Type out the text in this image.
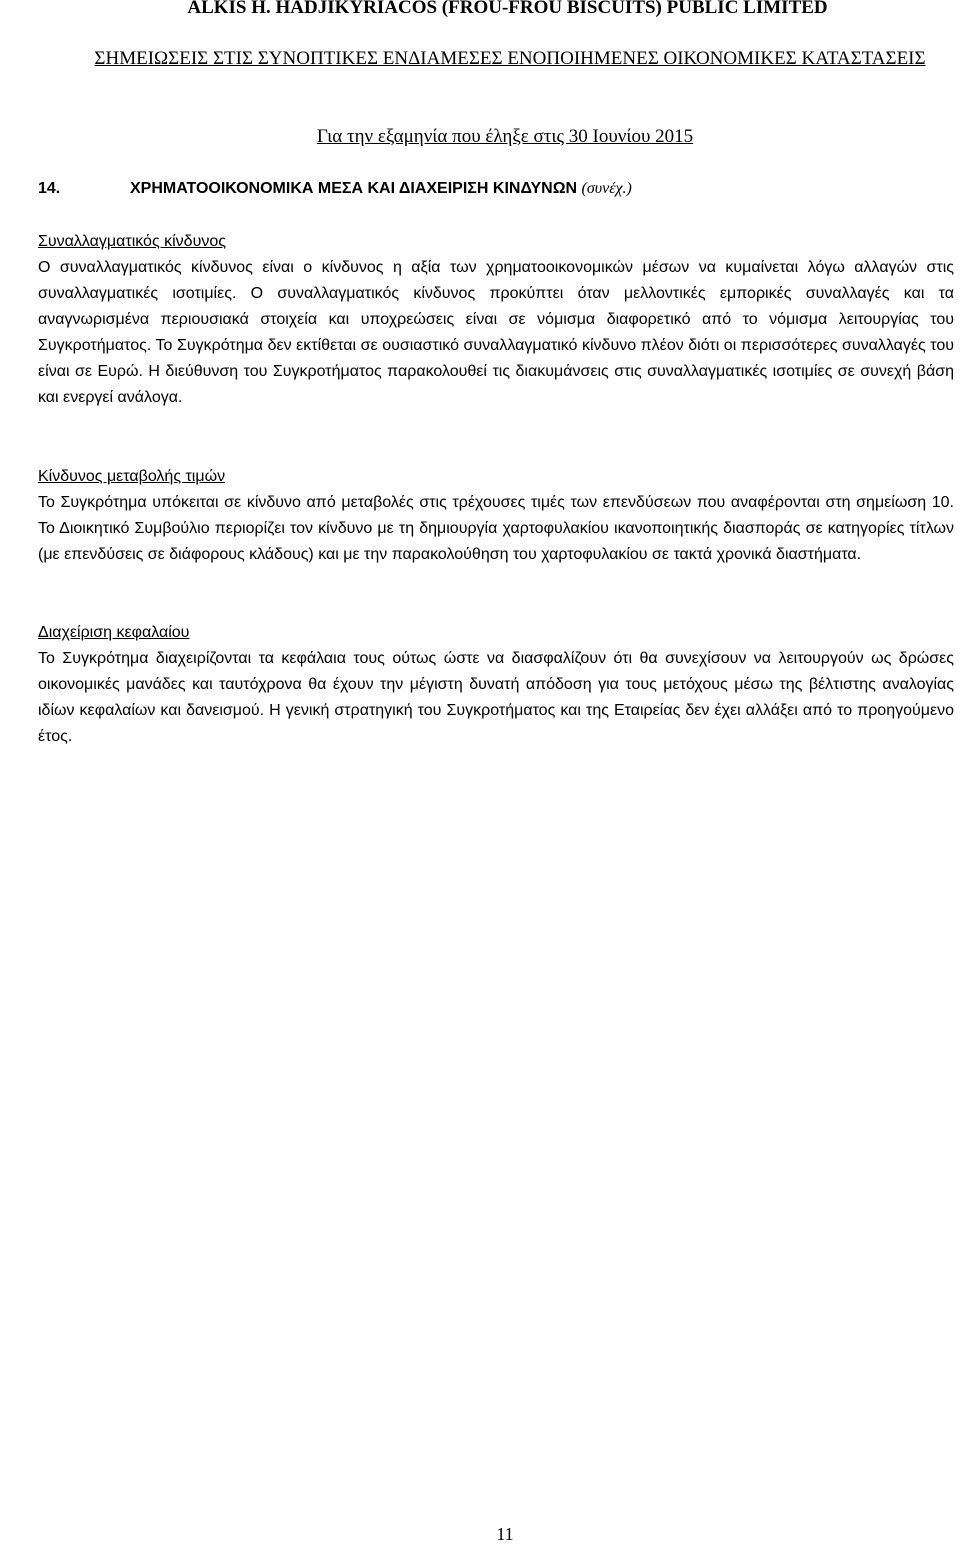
ALKIS H. HADJIKYRIACOS (FROU-FROU BISCUITS) PUBLIC LIMITED
ΣΗΜΕΙΩΣΕΙΣ ΣΤΙΣ ΣΥΝΟΠΤΙΚΕΣ ΕΝΔΙΑΜΕΣΕΣ ΕΝΟΠΟΙΗΜΕΝΕΣ ΟΙΚΟΝΟΜΙΚΕΣ ΚΑΤΑΣΤΑΣΕΙΣ
Για την εξαμηνία που έληξε στις 30 Ιουνίου 2015
14.	ΧΡΗΜΑΤΟΟΙΚΟΝΟΜΙΚΑ ΜΕΣΑ ΚΑΙ ΔΙΑΧΕΙΡΙΣΗ ΚΙΝΔΥΝΩΝ (συνέχ.)
Συναλλαγματικός κίνδυνος

Ο συναλλαγματικός κίνδυνος είναι ο κίνδυνος η αξία των χρηματοοικονομικών μέσων να κυμαίνεται λόγω αλλαγών στις συναλλαγματικές ισοτιμίες. Ο συναλλαγματικός κίνδυνος προκύπτει όταν μελλοντικές εμπορικές συναλλαγές και τα αναγνωρισμένα περιουσιακά στοιχεία και υποχρεώσεις είναι σε νόμισμα διαφορετικό από το νόμισμα λειτουργίας του Συγκροτήματος. Το Συγκρότημα δεν εκτίθεται σε ουσιαστικό συναλλαγματικό κίνδυνο πλέον διότι οι περισσότερες συναλλαγές του είναι σε Ευρώ. Η διεύθυνση του Συγκροτήματος παρακολουθεί τις διακυμάνσεις στις συναλλαγματικές ισοτιμίες σε συνεχή βάση και ενεργεί ανάλογα.

Κίνδυνος μεταβολής τιμών

Το Συγκρότημα υπόκειται σε κίνδυνο από μεταβολές στις τρέχουσες τιμές των επενδύσεων που αναφέρονται στη σημείωση 10. Το Διοικητικό Συμβούλιο περιορίζει τον κίνδυνο με τη δημιουργία χαρτοφυλακίου ικανοποιητικής διασποράς σε κατηγορίες τίτλων (με επενδύσεις σε διάφορους κλάδους) και με την παρακολούθηση του χαρτοφυλακίου σε τακτά χρονικά διαστήματα.

Διαχείριση κεφαλαίου

Το Συγκρότημα διαχειρίζονται τα κεφάλαια τους ούτως ώστε να διασφαλίζουν ότι θα συνεχίσουν να λειτουργούν ως δρώσες οικονομικές μανάδες και ταυτόχρονα θα έχουν την μέγιστη δυνατή απόδοση για τους μετόχους μέσω της βέλτιστης αναλογίας ιδίων κεφαλαίων και δανεισμού. Η γενική στρατηγική του Συγκροτήματος και της Εταιρείας δεν έχει αλλάξει από το προηγούμενο έτος.

11
